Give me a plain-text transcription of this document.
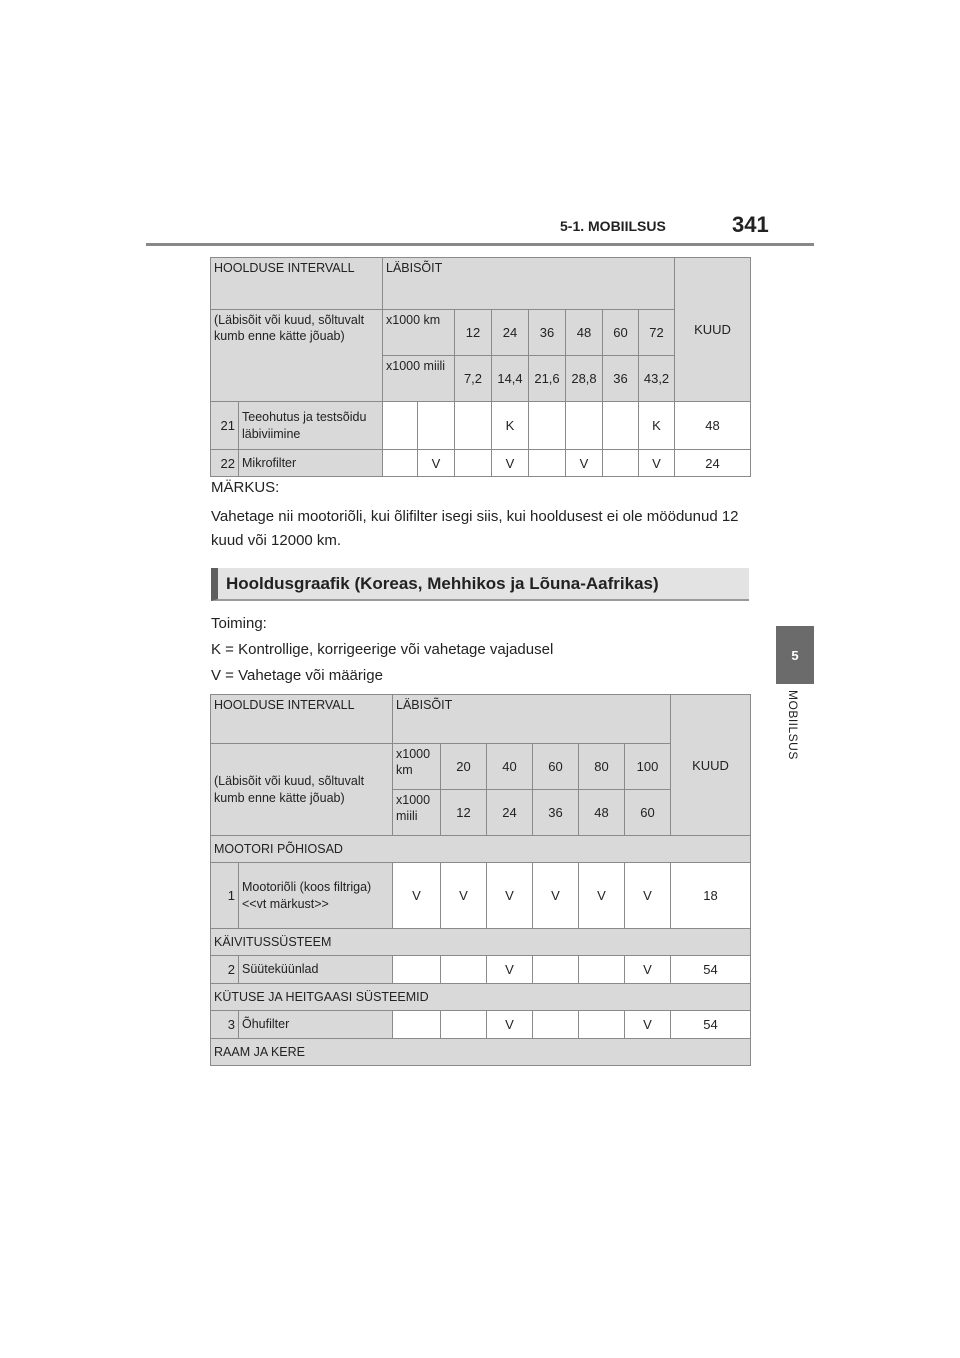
5-1. MOBIILSUS	341
5
MOBIILSUS
HOOLDUSE INTERVALL		LÄBISÕIT								KUUD
(Läbisõit või kuud, sõltuvalt kumb enne kätte jõuab)		x1000 km		12	24	36	48	60	72	
		x1000 miili		7,2	14,4	21,6	28,8	36	43,2	
21	Teeohutus ja testsõidu läbiviimine				K				K	48
22	Mikrofilter		V		V		V		V	24
MÄRKUS:
Vahetage nii mootoriõli, kui õlifilter isegi siis, kui hooldusest ei ole möödunud 12 kuud või 12000 km.
Hooldusgraafik (Koreas, Mehhikos ja Lõuna-Aafrikas)
Toiming:
K = Kontrollige, korrigeerige või vahetage vajadusel
V = Vahetage või määrige
HOOLDUSE INTERVALL		LÄBISÕIT						KUUD
(Läbisõit või kuud, sõltuvalt kumb enne kätte jõuab)		x1000 km	20	40	60	80	100	
		x1000 miili	12	24	36	48	60	
MOOTORI PÕHIOSAD								
1	Mootoriõli (koos filtriga) <<vt märkust>>	V	V	V	V	V	V	18
KÄIVITUSSÜSTEEM								
2	Süüteküünlad			V			V	54
KÜTUSE JA HEITGAASI SÜSTEEMID								
3	Õhufilter			V			V	54
RAAM JA KERE								
